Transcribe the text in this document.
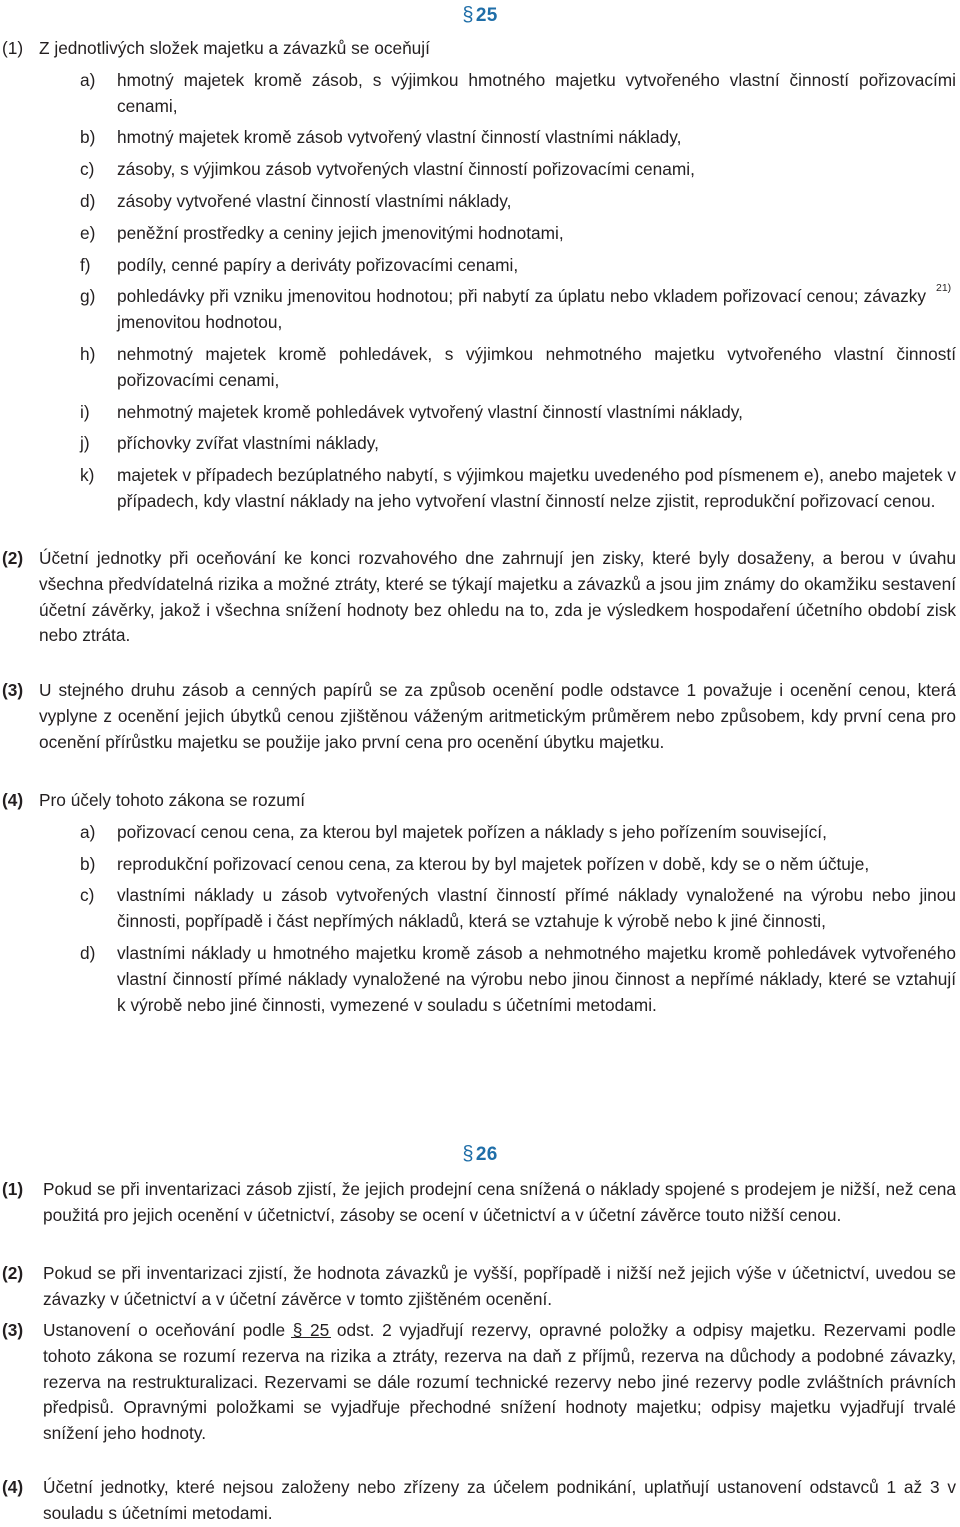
§ 25
(1) Z jednotlivých složek majetku a závazků se oceňují
a) hmotný majetek kromě zásob, s výjimkou hmotného majetku vytvořeného vlastní činností pořizovacími cenami,
b) hmotný majetek kromě zásob vytvořený vlastní činností vlastními náklady,
c) zásoby, s výjimkou zásob vytvořených vlastní činností pořizovacími cenami,
d) zásoby vytvořené vlastní činností vlastními náklady,
e) peněžní prostředky a ceniny jejich jmenovitými hodnotami,
f) podíly, cenné papíry a deriváty pořizovacími cenami,
g) pohledávky při vzniku jmenovitou hodnotou; při nabytí za úplatu nebo vkladem pořizovací cenou; závazky jmenovitou hodnotou,
21)
h) nehmotný majetek kromě pohledávek, s výjimkou nehmotného majetku vytvořeného vlastní činností pořizovacími cenami,
i) nehmotný majetek kromě pohledávek vytvořený vlastní činností vlastními náklady,
j) příchovky zvířat vlastními náklady,
k) majetek v případech bezúplatného nabytí, s výjimkou majetku uvedeného pod písmenem e), anebo majetek v případech, kdy vlastní náklady na jeho vytvoření vlastní činností nelze zjistit, reprodukční pořizovací cenou.
(2) Účetní jednotky při oceňování ke konci rozvahového dne zahrnují jen zisky, které byly dosaženy, a berou v úvahu všechna předvídatelná rizika a možné ztráty, které se týkají majetku a závazků a jsou jim známy do okamžiku sestavení účetní závěrky, jakož i všechna snížení hodnoty bez ohledu na to, zda je výsledkem hospodaření účetního období zisk nebo ztráta.
(3) U stejného druhu zásob a cenných papírů se za způsob ocenění podle odstavce 1 považuje i ocenění cenou, která vyplyne z ocenění jejich úbytků cenou zjištěnou váženým aritmetickým průměrem nebo způsobem, kdy první cena pro ocenění přírůstku majetku se použije jako první cena pro ocenění úbytku majetku.
(4) Pro účely tohoto zákona se rozumí
a) pořizovací cenou cena, za kterou byl majetek pořízen a náklady s jeho pořízením související,
b) reprodukční pořizovací cenou cena, za kterou by byl majetek pořízen v době, kdy se o něm účtuje,
c) vlastními náklady u zásob vytvořených vlastní činností přímé náklady vynaložené na výrobu nebo jinou činnosti, popřípadě i část nepřímých nákladů, která se vztahuje k výrobě nebo k jiné činnosti,
d) vlastními náklady u hmotného majetku kromě zásob a nehmotného majetku kromě pohledávek vytvořeného vlastní činností přímé náklady vynaložené na výrobu nebo jinou činnost a nepřímé náklady, které se vztahují k výrobě nebo jiné činnosti, vymezené v souladu s účetními metodami.
§ 26
(1) Pokud se při inventarizaci zásob zjistí, že jejich prodejní cena snížená o náklady spojené s prodejem je nižší, než cena použitá pro jejich ocenění v účetnictví, zásoby se ocení v účetnictví a v účetní závěrce touto nižší cenou.
(2) Pokud se při inventarizaci zjistí, že hodnota závazků je vyšší, popřípadě i nižší než jejich výše v účetnictví, uvedou se závazky v účetnictví a v účetní závěrce v tomto zjištěném ocenění.
(3) Ustanovení o oceňování podle § 25 odst. 2 vyjadřují rezervy, opravné položky a odpisy majetku. Rezervami podle tohoto zákona se rozumí rezerva na rizika a ztráty, rezerva na daň z příjmů, rezerva na důchody a podobné závazky, rezerva na restrukturalizaci. Rezervami se dále rozumí technické rezervy nebo jiné rezervy podle zvláštních právních předpisů. Opravnými položkami se vyjadřuje přechodné snížení hodnoty majetku; odpisy majetku vyjadřují trvalé snížení jeho hodnoty.
(4) Účetní jednotky, které nejsou založeny nebo zřízeny za účelem podnikání, uplatňují ustanovení odstavců 1 až 3 v souladu s účetními metodami.
